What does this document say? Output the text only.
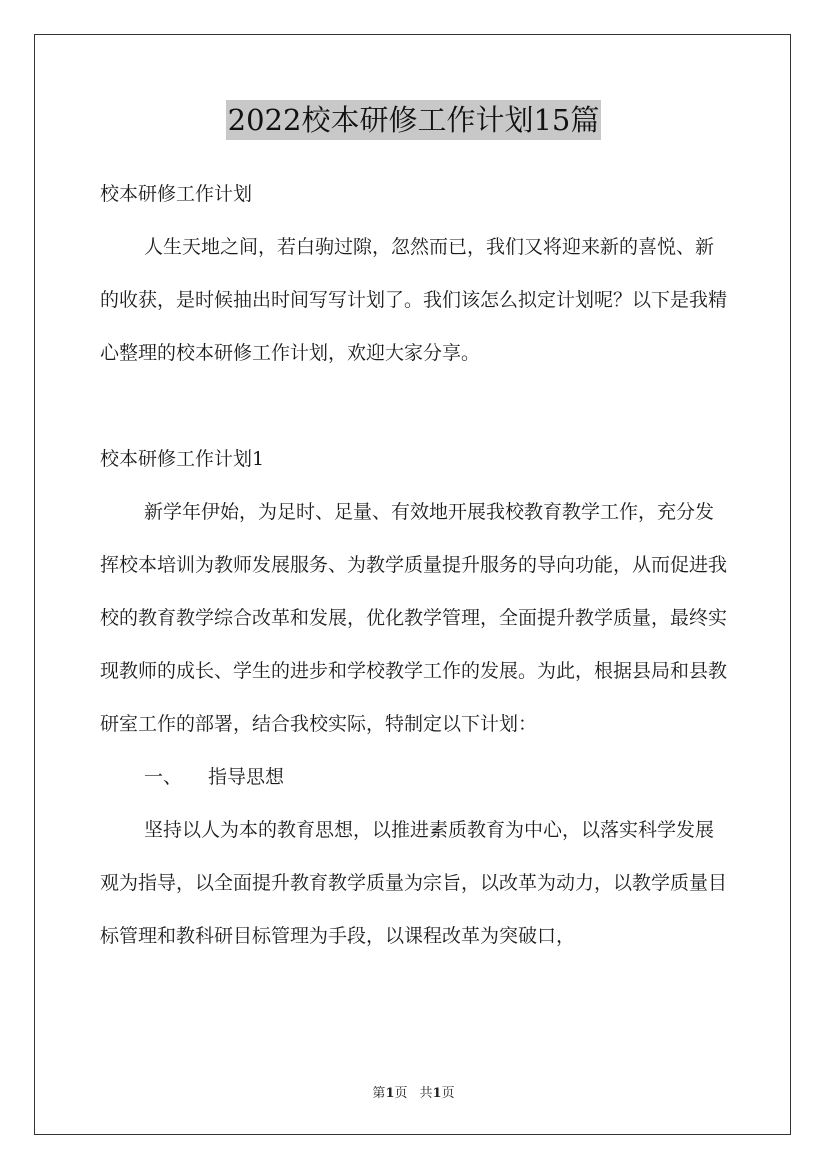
2022校本研修工作计划15篇

校本研修工作计划

人生天地之间，若白驹过隙，忽然而已，我们又将迎来新的喜悦、新的收获，是时候抽出时间写写计划了。我们该怎么拟定计划呢？以下是我精心整理的校本研修工作计划，欢迎大家分享。

校本研修工作计划1

新学年伊始，为足时、足量、有效地开展我校教育教学工作，充分发挥校本培训为教师发展服务、为教学质量提升服务的导向功能，从而促进我校的教育教学综合改革和发展，优化教学管理，全面提升教学质量，最终实现教师的成长、学生的进步和学校教学工作的发展。为此，根据县局和县教研室工作的部署，结合我校实际，特制定以下计划：

一、 指导思想

坚持以人为本的教育思想，以推进素质教育为中心，以落实科学发展观为指导，以全面提升教育教学质量为宗旨，以改革为动力，以教学质量目标管理和教科研目标管理为手段，以课程改革为突破口，

第1页 共1页
